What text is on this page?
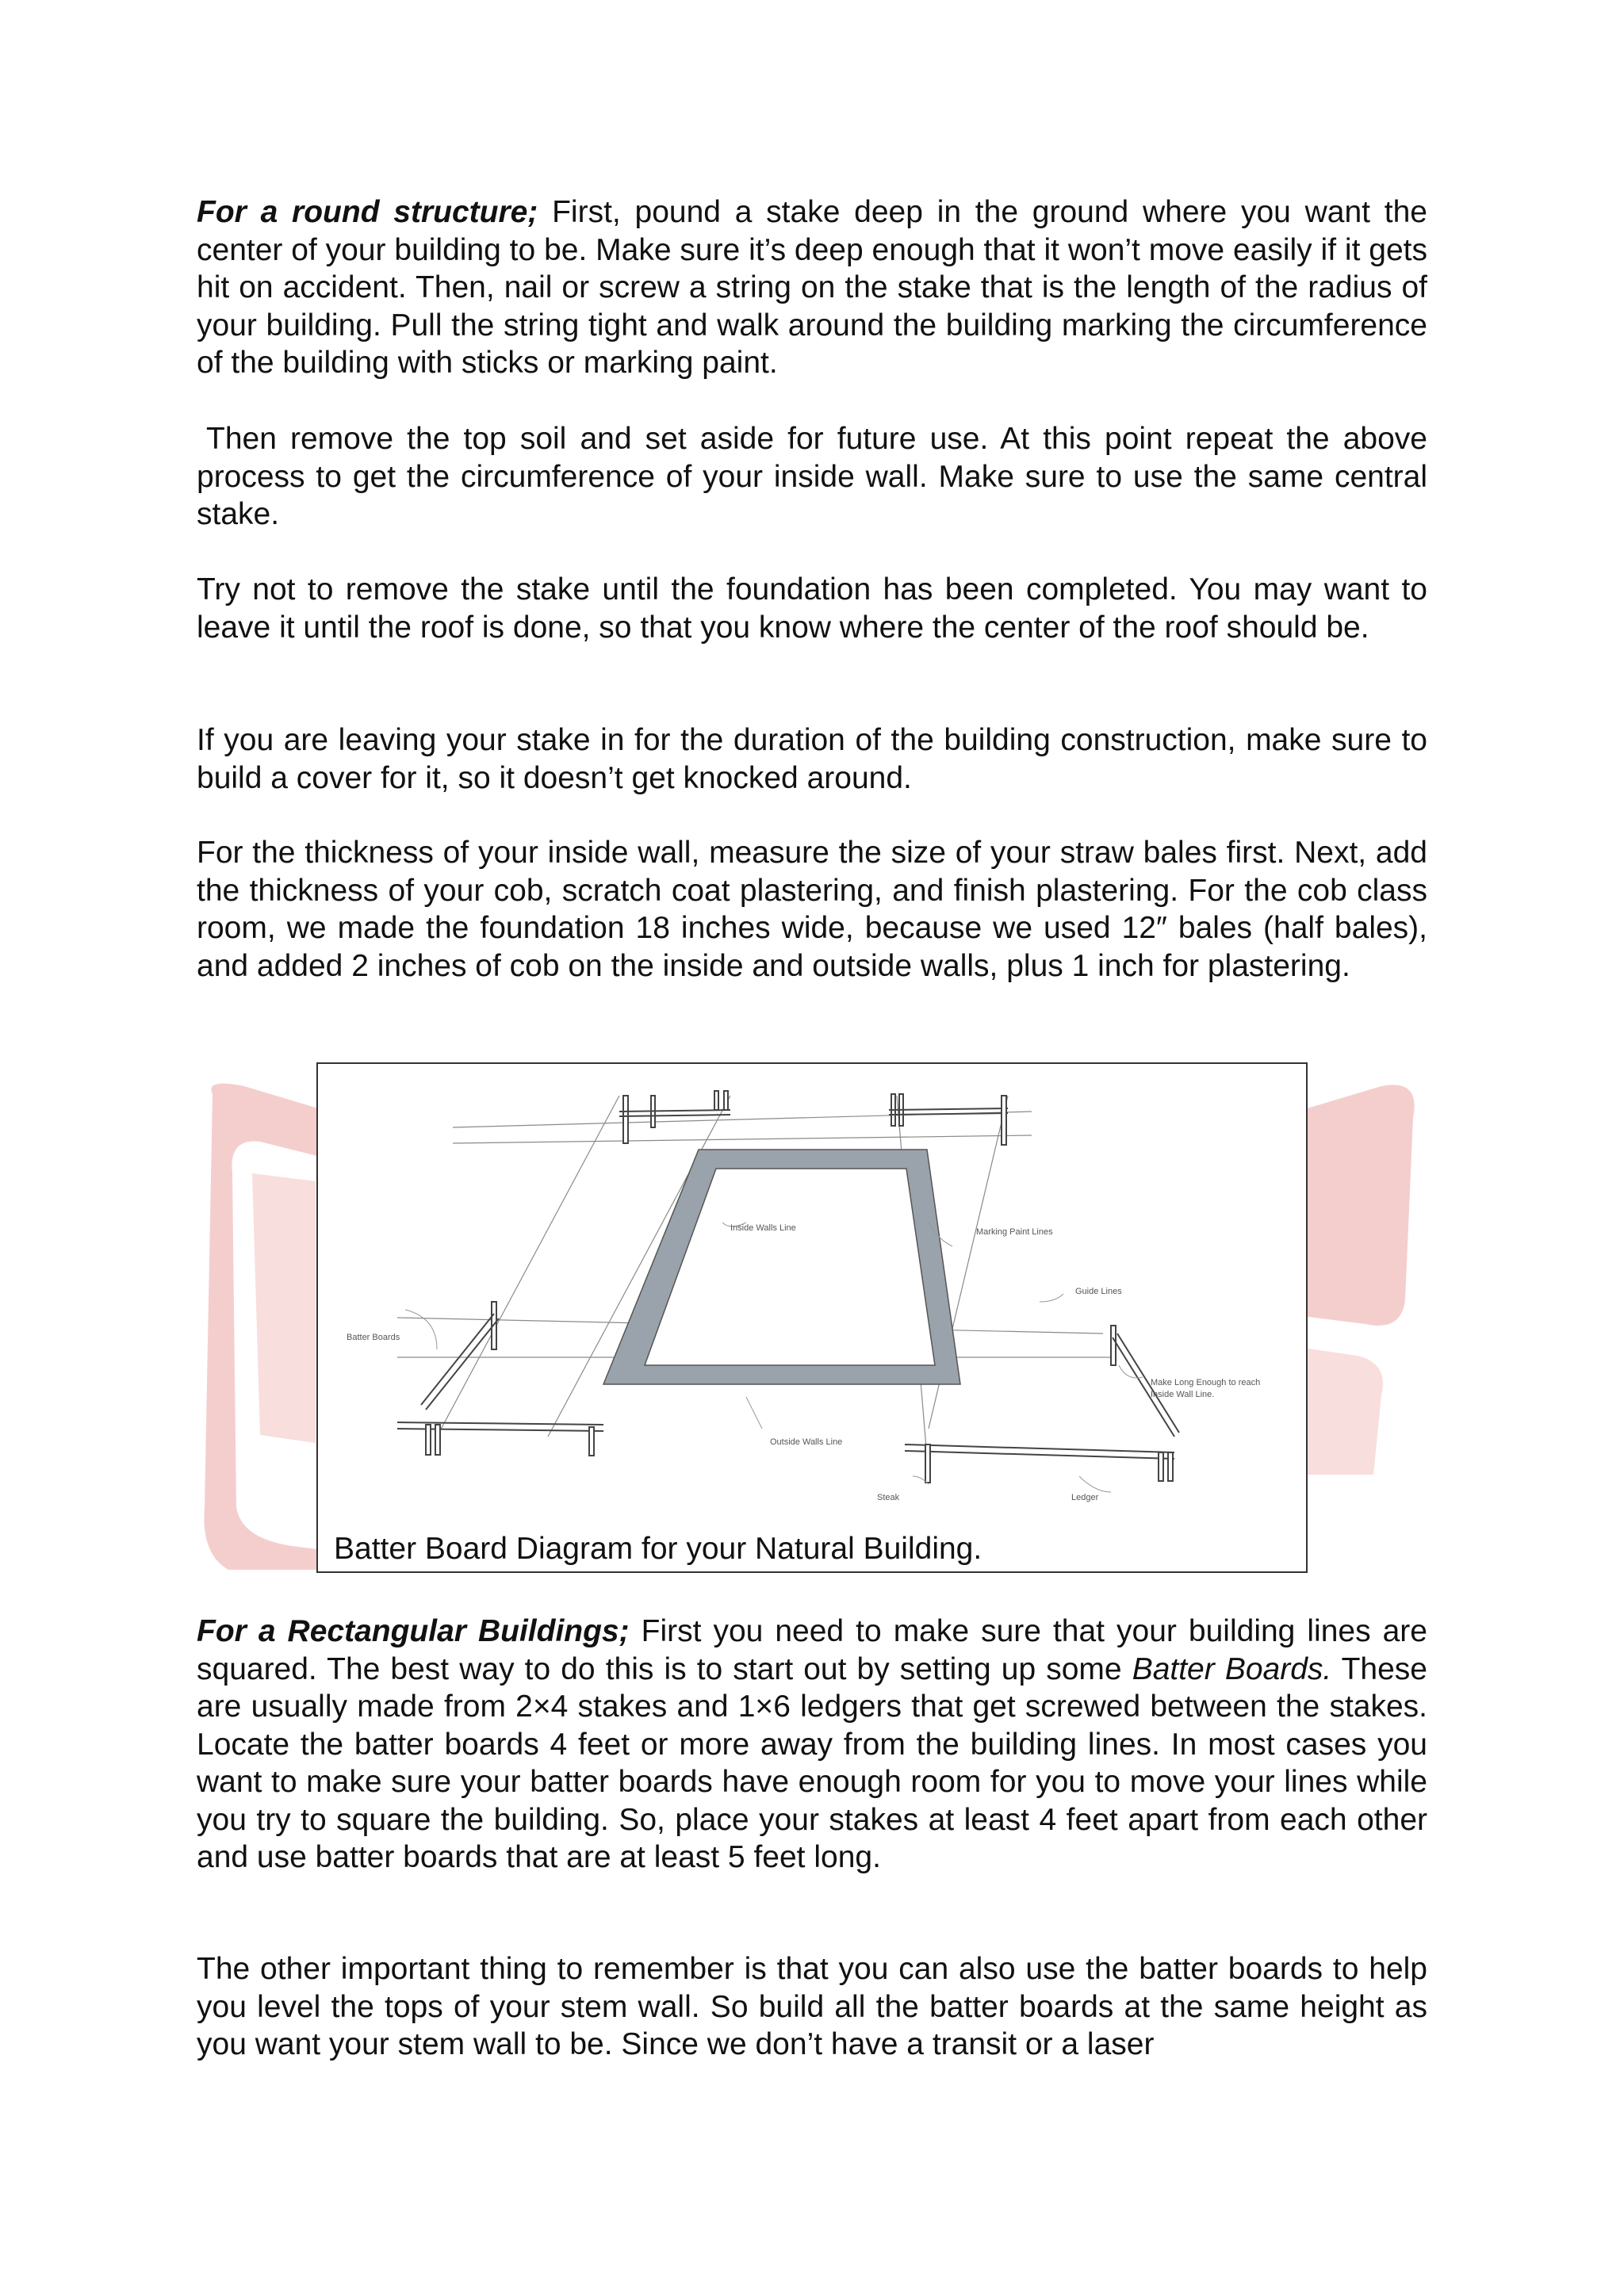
For a round structure; First, pound a stake deep in the ground where you want the center of your building to be. Make sure it’s deep enough that it won’t move easily if it gets hit on accident. Then, nail or screw a string on the stake that is the length of the radius of your building. Pull the string tight and walk around the building marking the circumference of the building with sticks or marking paint.

Then remove the top soil and set aside for future use. At this point repeat the above process to get the circumference of your inside wall. Make sure to use the same central stake.

Try not to remove the stake until the foundation has been completed. You may want to leave it until the roof is done, so that you know where the center of the roof should be.

If you are leaving your stake in for the duration of the building construction, make sure to build a cover for it, so it doesn’t get knocked around.

For the thickness of your inside wall, measure the size of your straw bales first. Next, add the thickness of your cob, scratch coat plastering, and finish plastering. For the cob class room, we made the foundation 18 inches wide, because we used 12″ bales (half bales), and added 2 inches of cob on the inside and outside walls, plus 1 inch for plastering.

Inside Walls Line	Marking Paint Lines
Guide Lines
Batter Boards
Make Long Enough to reach
Inside Wall Line.
Outside Walls Line
Steak	Ledger
Batter Board Diagram for your Natural Building.

For a Rectangular Buildings; First you need to make sure that your building lines are squared. The best way to do this is to start out by setting up some Batter Boards. These are usually made from 2×4 stakes and 1×6 ledgers that get screwed between the stakes. Locate the batter boards 4 feet or more away from the building lines. In most cases you want to make sure your batter boards have enough room for you to move your lines while you try to square the building. So, place your stakes at least 4 feet apart from each other and use batter boards that are at least 5 feet long.

The other important thing to remember is that you can also use the batter boards to help you level the tops of your stem wall. So build all the batter boards at the same height as you want your stem wall to be. Since we don’t have a transit or a laser
